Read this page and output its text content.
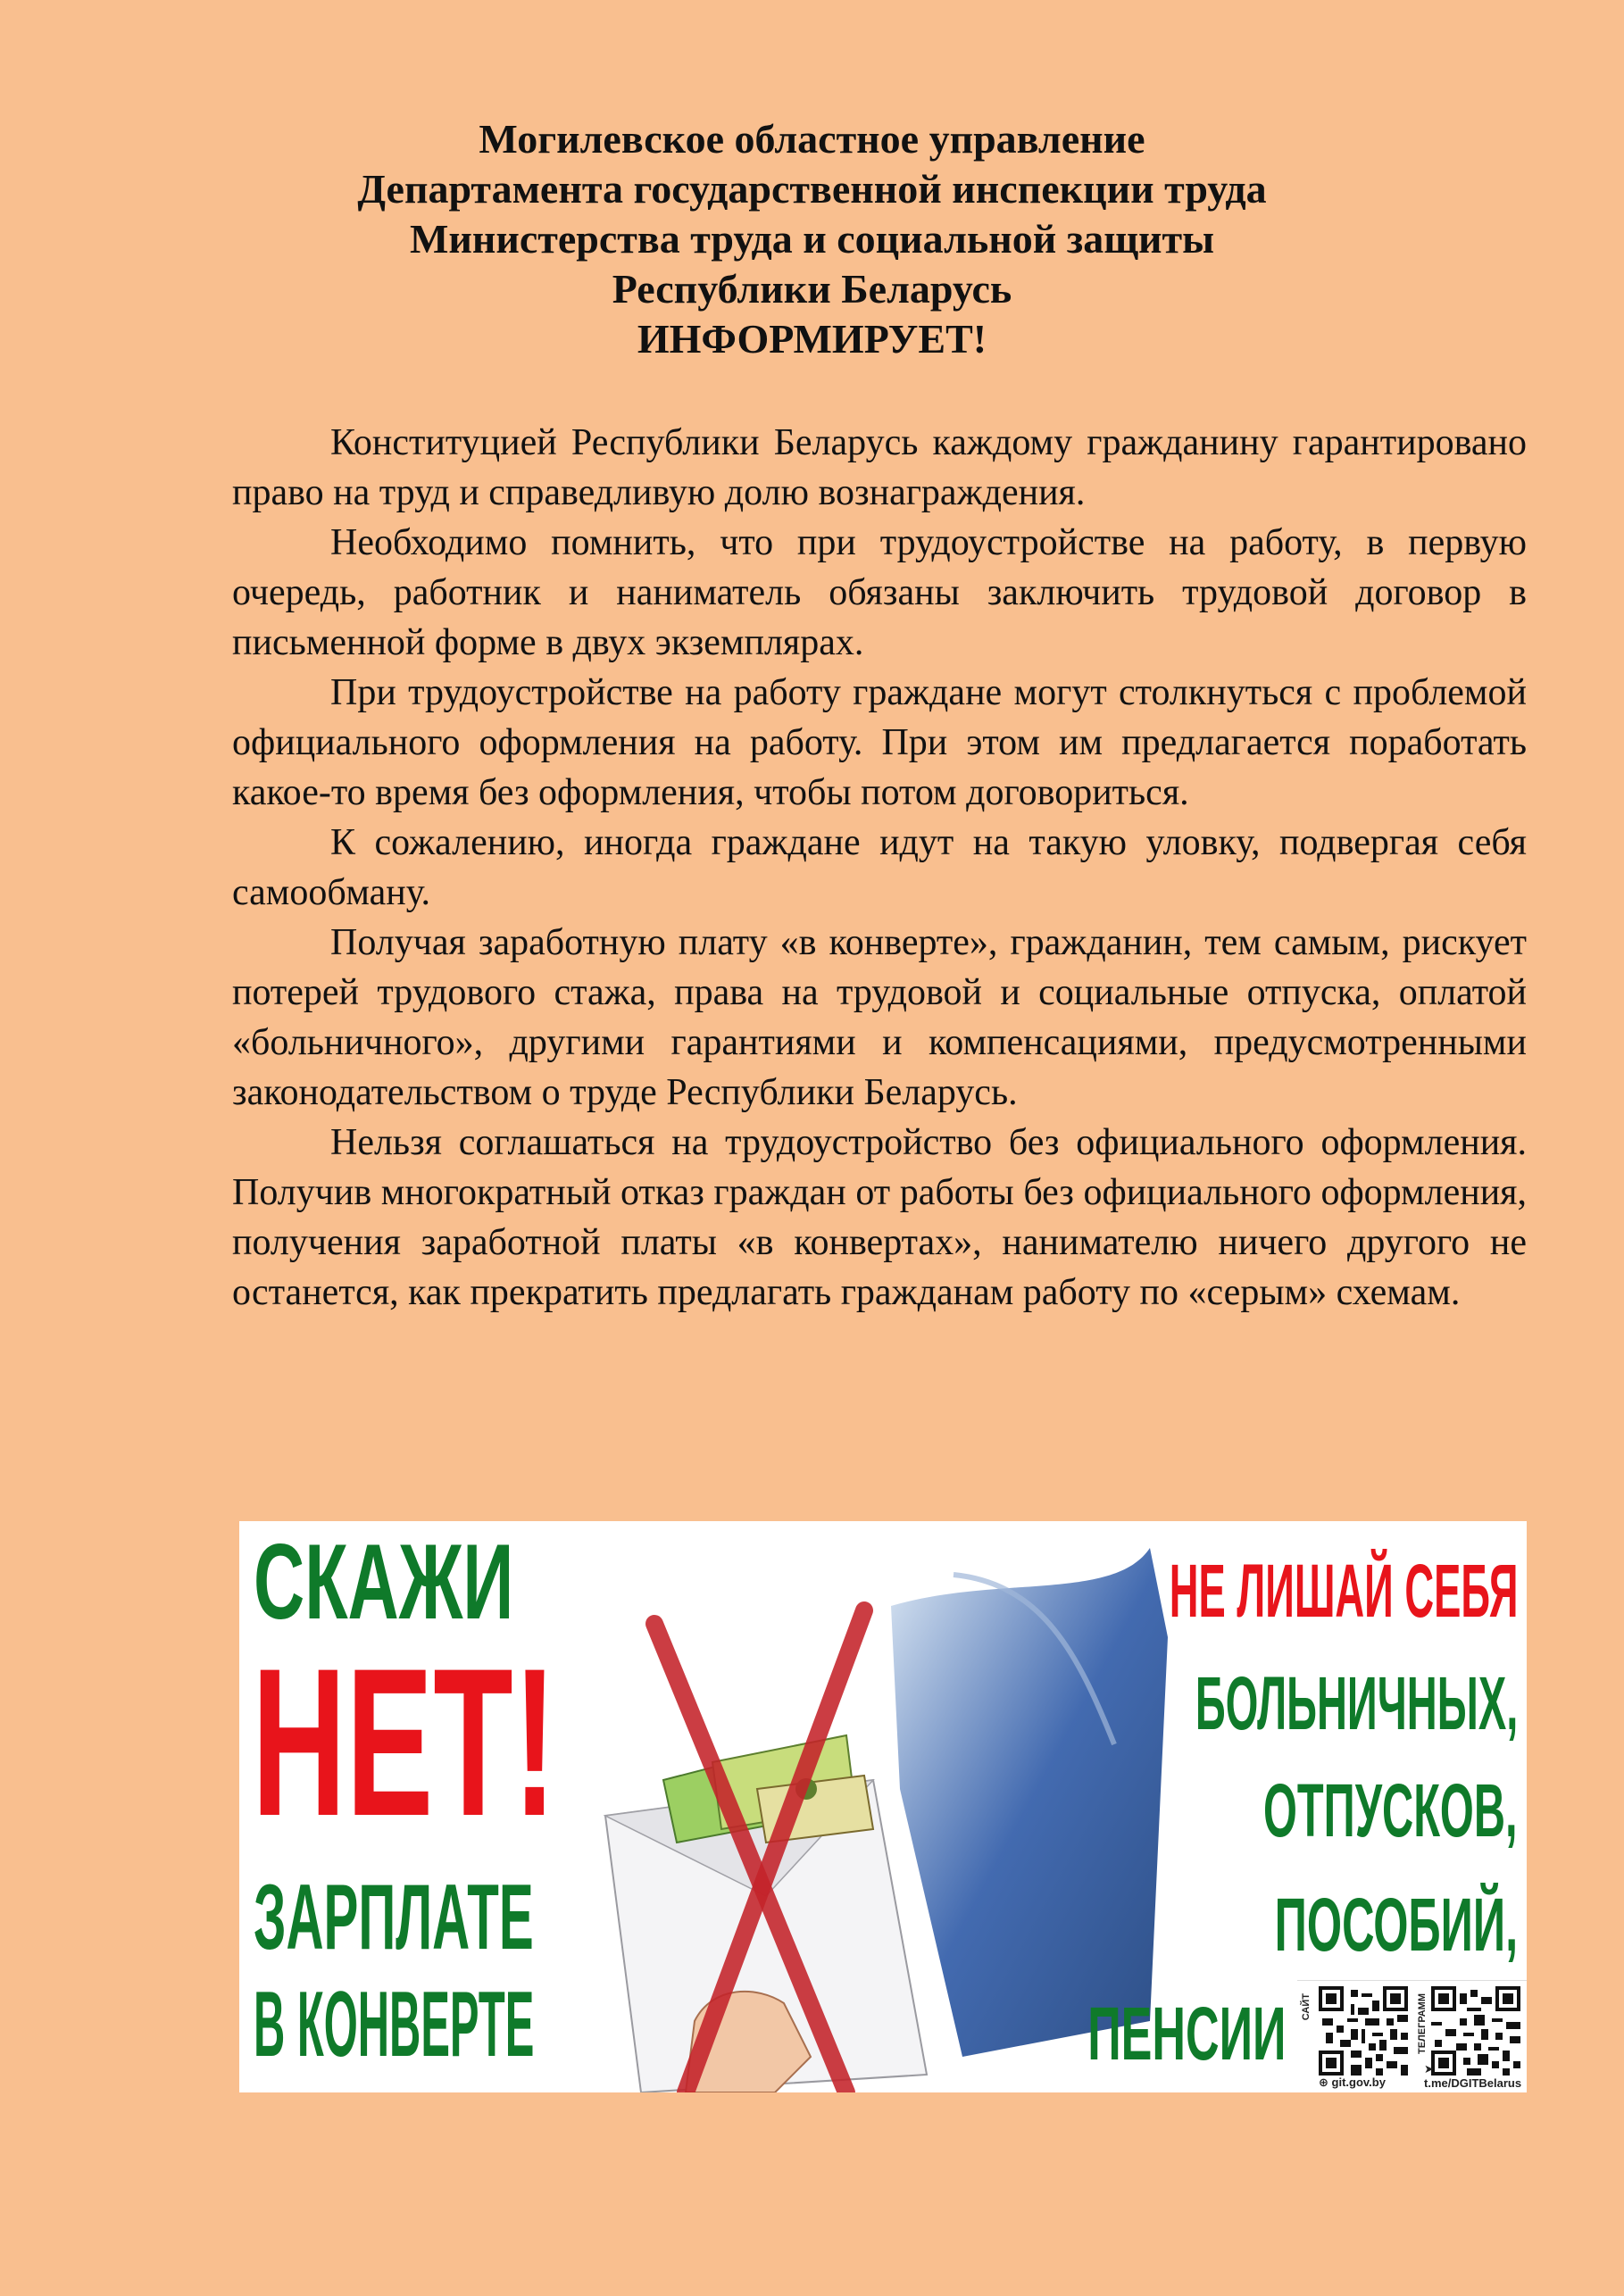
Могилевское областное управление
Департамента государственной инспекции труда
Министерства труда и социальной защиты
Республики Беларусь
ИНФОРМИРУЕТ!

Конституцией Республики Беларусь каждому гражданину гарантировано право на труд и справедливую долю вознаграждения.

Необходимо помнить, что при трудоустройстве на работу, в первую очередь, работник и наниматель обязаны заключить трудовой договор в письменной форме в двух экземплярах.

При трудоустройстве на работу граждане могут столкнуться с проблемой официального оформления на работу. При этом им предлагается поработать какое-то время без оформления, чтобы потом договориться.

К сожалению, иногда граждане идут на такую уловку, подвергая себя самообману.

Получая заработную плату «в конверте», гражданин, тем самым, рискует потерей трудового стажа, права на трудовой и социальные отпуска, оплатой «больничного», другими гарантиями и компенсациями, предусмотренными законодательством о труде Республики Беларусь.

Нельзя соглашаться на трудоустройство без официального оформления. Получив многократный отказ граждан от работы без официального оформления, получения заработной платы «в конвертах», нанимателю ничего другого не останется, как прекратить предлагать гражданам работу по «серым» схемам.

СКАЖИ
НЕТ!
ЗАРПЛАТЕ
В КОНВЕРТЕ
НЕ ЛИШАЙ СЕБЯ
БОЛЬНИЧНЫХ,
ОТПУСКОВ,
ПОСОБИЙ,
ПЕНСИИ САЙТ
⊕ git.gov.by
ТЕЛЕГРАММ
➤ t.me/DGITBelarus
